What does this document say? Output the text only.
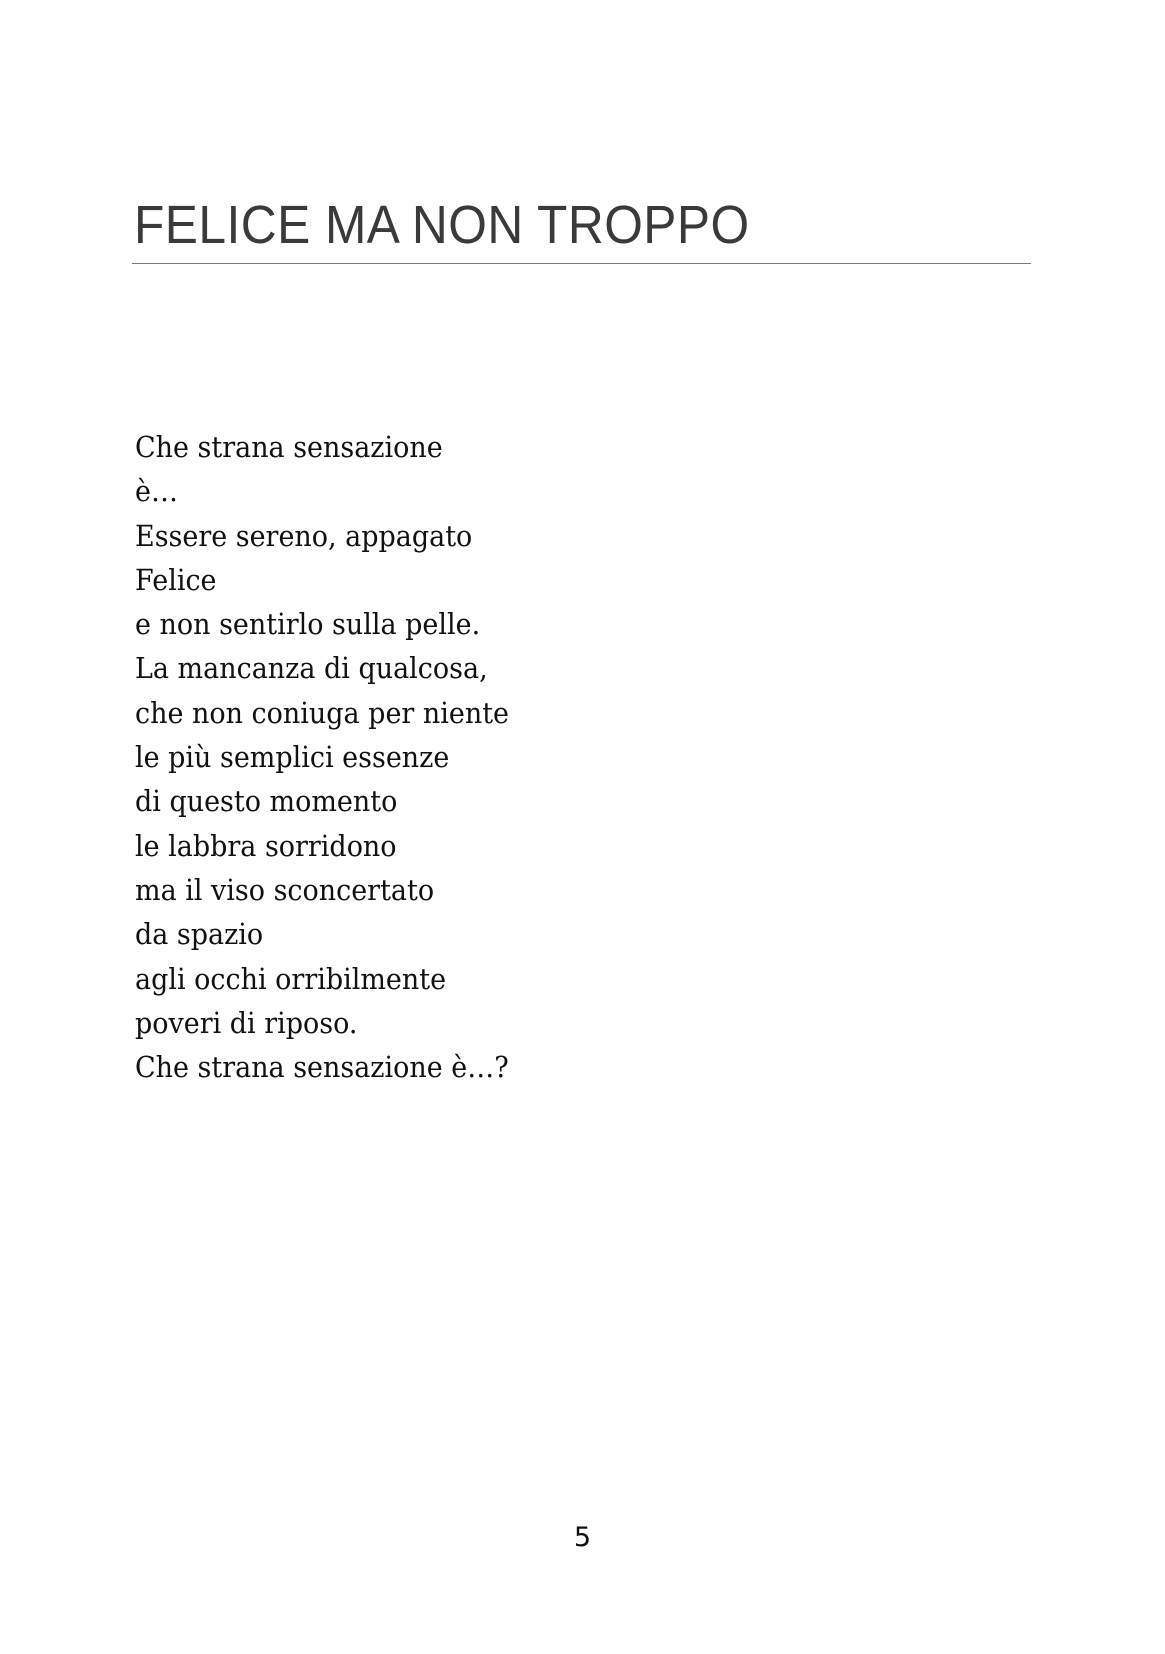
FELICE MA NON TROPPO
Che strana sensazione
è…
Essere sereno, appagato
Felice
e non sentirlo sulla pelle.
La mancanza di qualcosa,
che non coniuga per niente
le più semplici essenze
di questo momento
le labbra sorridono
ma il viso sconcertato
da spazio
agli occhi orribilmente
poveri di riposo.
Che strana sensazione è…?
5
